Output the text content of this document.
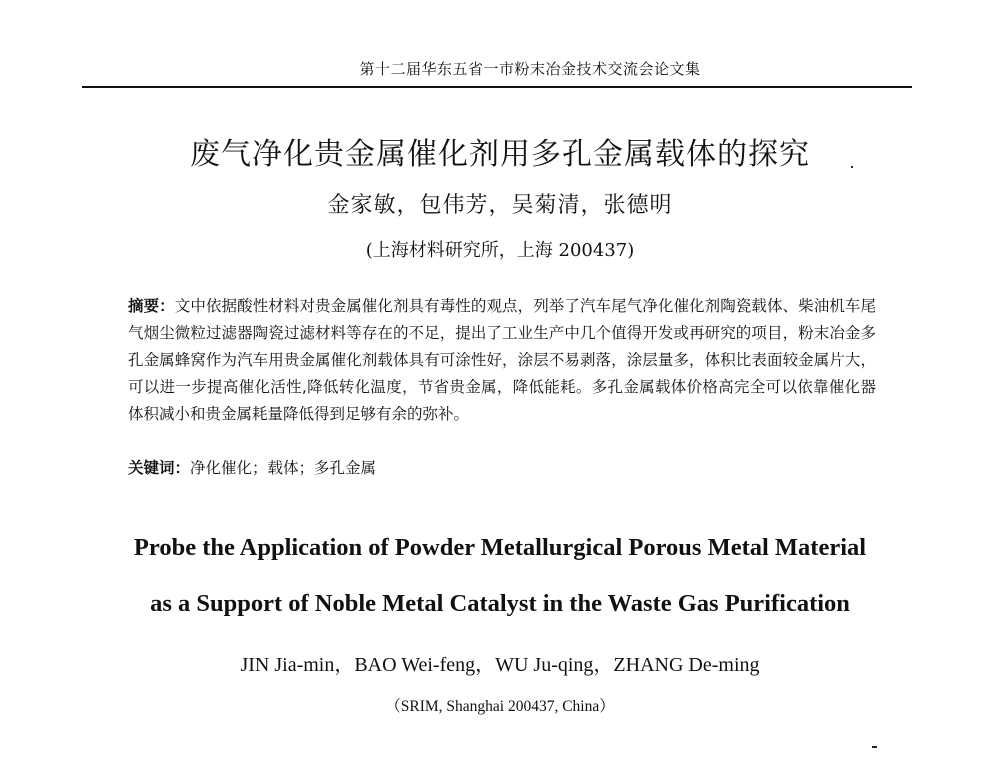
第十二届华东五省一市粉末冶金技术交流会论文集
废气净化贵金属催化剂用多孔金属载体的探究
金家敏，包伟芳，吴菊清，张德明
(上海材料研究所，上海 200437)

摘要：文中依据酸性材料对贵金属催化剂具有毒性的观点，列举了汽车尾气净化催化剂陶瓷载体、柴油机车尾气烟尘微粒过滤器陶瓷过滤材料等存在的不足，提出了工业生产中几个值得开发或再研究的项目，粉末冶金多孔金属蜂窝作为汽车用贵金属催化剂载体具有可涂性好，涂层不易剥落，涂层量多，体积比表面较金属片大，可以进一步提高催化活性,降低转化温度，节省贵金属，降低能耗。多孔金属载体价格高完全可以依靠催化器体积减小和贵金属耗量降低得到足够有余的弥补。

关键词：净化催化；载体；多孔金属

Probe the Application of Powder Metallurgical Porous Metal Material
as a Support of Noble Metal Catalyst in the Waste Gas Purification
JIN Jia-min，BAO Wei-feng，WU Ju-qing，ZHANG De-ming
（SRIM, Shanghai 200437, China）
